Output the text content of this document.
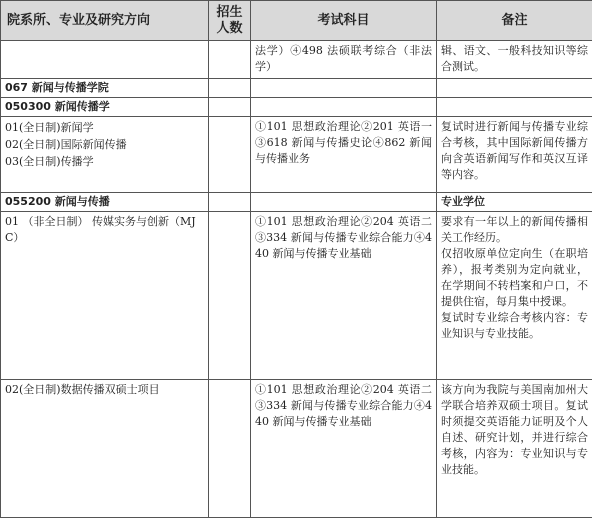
院系所、专业及研究方向	招生
人数	考试科目	备注
		法学）④498 法硕联考综合（非法学）	辑、语文、一般科技知识等综合测试。
067 新闻与传播学院			
050300 新闻传播学			

01(全日制)新闻学
02(全日制)国际新闻传播
03(全日制)传播学		①101 思想政治理论②201 英语一③618 新闻与传播史论④862 新闻与传播业务	复试时进行新闻与传播专业综合考核，其中国际新闻传播方向含英语新闻写作和英汉互译等内容。
055200 新闻与传播			专业学位
01 （非全日制） 传媒实务与创新（MJC）		①101 思想政治理论②204 英语二③334 新闻与传播专业综合能力④440 新闻与传播专业基础	要求有一年以上的新闻传播相关工作经历。
仅招收原单位定向生（在职培养），报考类别为定向就业，在学期间不转档案和户口，不提供住宿，每月集中授课。
复试时专业综合考核内容：专业知识与专业技能。

02(全日制)数据传播双硕士项目		①101 思想政治理论②204 英语二③334 新闻与传播专业综合能力④440 新闻与传播专业基础	该方向为我院与美国南加州大学联合培养双硕士项目。复试时须提交英语能力证明及个人自述、研究计划，并进行综合考核，内容为：专业知识与专业技能。
